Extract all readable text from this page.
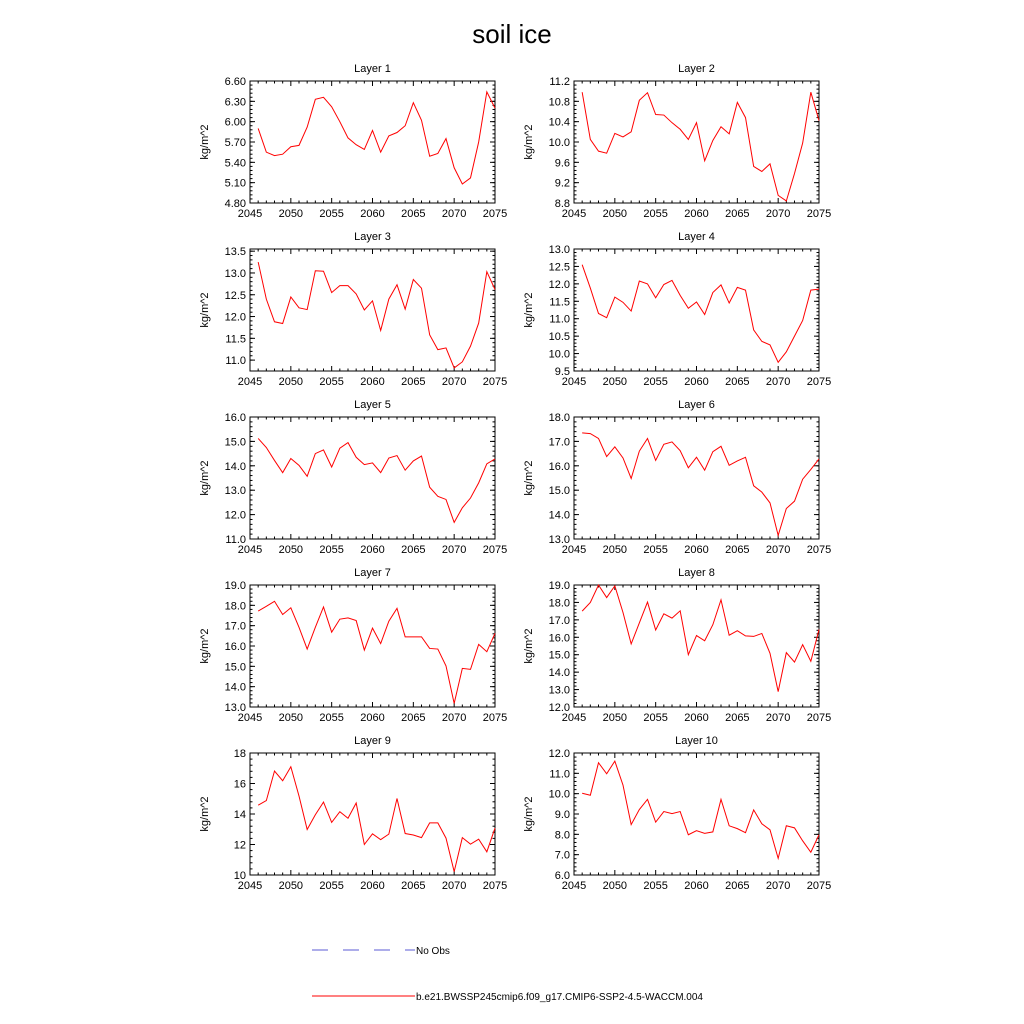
soil ice
Layer 1
kg/m^2
2045 2050 2055 2060 2065 2070 2075
4.80
5.10
5.40
5.70
6.00
6.30
6.60
Layer 2
kg/m^2
2045 2050 2055 2060 2065 2070 2075
8.8
9.2
9.6
10.0
10.4
10.8
11.2
Layer 3
kg/m^2
2045 2050 2055 2060 2065 2070 2075
11.0
11.5
12.0
12.5
13.0
13.5
Layer 4
kg/m^2
2045 2050 2055 2060 2065 2070 2075
9.5
10.0
10.5
11.0
11.5
12.0
12.5
13.0
Layer 5
kg/m^2
2045 2050 2055 2060 2065 2070 2075
11.0
12.0
13.0
14.0
15.0
16.0
Layer 6
kg/m^2
2045 2050 2055 2060 2065 2070 2075
13.0
14.0
15.0
16.0
17.0
18.0
Layer 7
kg/m^2
2045 2050 2055 2060 2065 2070 2075
13.0
14.0
15.0
16.0
17.0
18.0
19.0
Layer 8
kg/m^2
2045 2050 2055 2060 2065 2070 2075
12.0
13.0
14.0
15.0
16.0
17.0
18.0
19.0
Layer 9
kg/m^2
2045 2050 2055 2060 2065 2070 2075
10
12
14
16
18
Layer 10
kg/m^2
2045 2050 2055 2060 2065 2070 2075
6.0
7.0
8.0
9.0
10.0
11.0
12.0
No Obs
b.e21.BWSSP245cmip6.f09_g17.CMIP6-SSP2-4.5-WACCM.004
